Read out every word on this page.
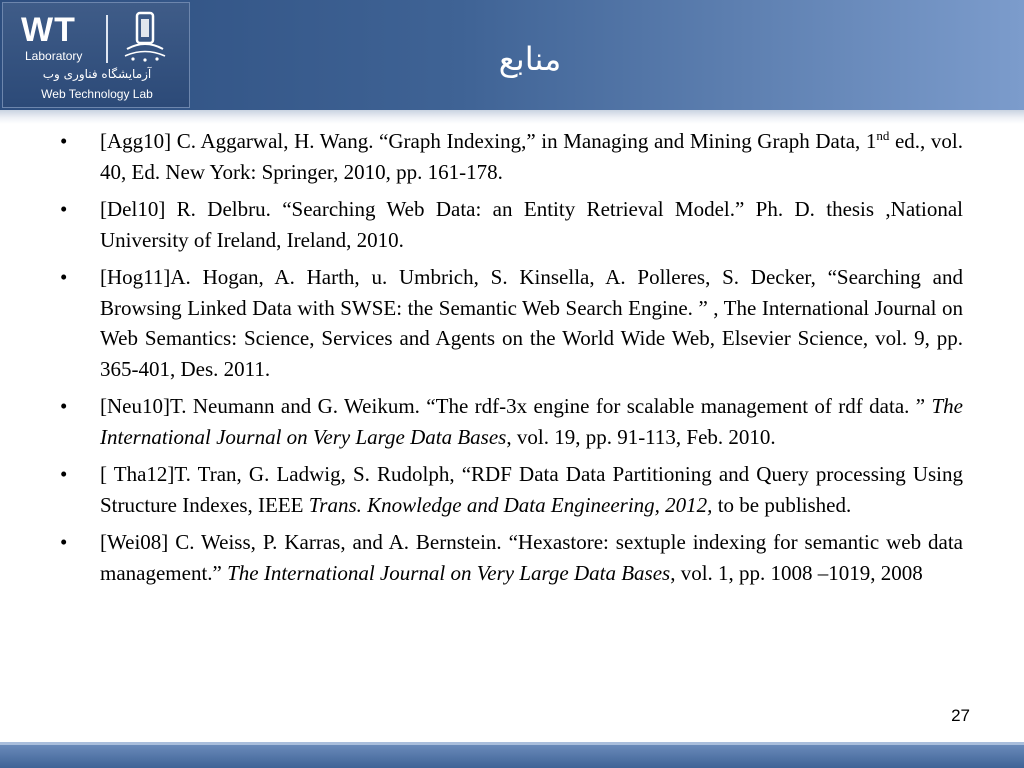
WT
Laboratory
آزمایشگاه فناوری وب
Web Technology Lab
منابع
• [Agg10] C. Aggarwal, H. Wang. “Graph Indexing,” in Managing and Mining Graph Data, 1nd ed., vol. 40, Ed. New York: Springer, 2010, pp. 161-178.
• [Del10] R. Delbru. “Searching Web Data: an Entity Retrieval Model.” Ph. D. thesis ,National University of Ireland, Ireland, 2010.
• [Hog11]A. Hogan, A. Harth, u. Umbrich, S. Kinsella, A. Polleres, S. Decker, “Searching and Browsing Linked Data with SWSE: the Semantic Web Search Engine. ” , The International Journal on Web Semantics: Science, Services and Agents on the World Wide Web, Elsevier Science, vol. 9, pp. 365-401, Des. 2011.
• [Neu10]T. Neumann and G. Weikum. “The rdf-3x engine for scalable management of rdf data. ” The International Journal on Very Large Data Bases, vol. 19, pp. 91-113, Feb. 2010.
• [ Tha12]T. Tran, G. Ladwig, S. Rudolph, “RDF Data Data Partitioning and Query processing Using Structure Indexes, IEEE Trans. Knowledge and Data Engineering, 2012, to be published.
• [Wei08] C. Weiss, P. Karras, and A. Bernstein. “Hexastore: sextuple indexing for semantic web data management.” The International Journal on Very Large Data Bases, vol. 1, pp. 1008 –1019, 2008
27
